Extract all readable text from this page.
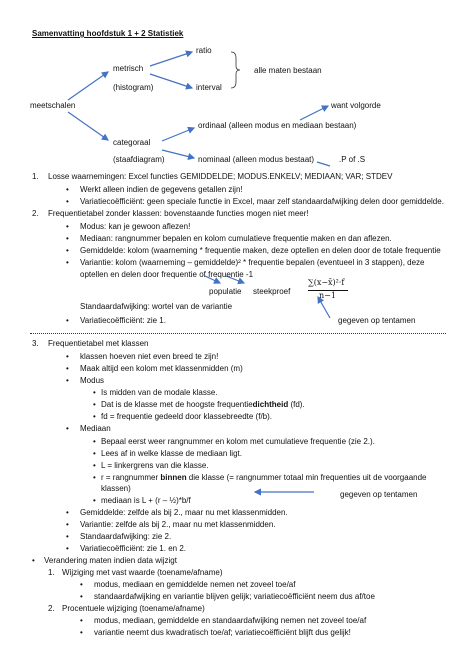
Samenvatting hoofdstuk 1 + 2 Statistiek
ratio
metrisch	alle maten bestaan
(histogram)	interval
want volgorde
meetschalen
ordinaal (alleen modus en mediaan bestaan)
categoraal
(staafdiagram)	nominaal (alleen modus bestaat)	.P of .S
1. Losse waarnemingen: Excel functies GEMIDDELDE; MODUS.ENKELV; MEDIAAN; VAR; STDEV
• Werkt alleen indien de gegevens getallen zijn!
• Variatiecoëfficiënt: geen speciale functie in Excel, maar zelf standaardafwijking delen door gemiddelde.
2. Frequentietabel zonder klassen: bovenstaande functies mogen niet meer!
• Modus: kan je gewoon aflezen!
• Mediaan: rangnummer bepalen en kolom cumulatieve frequentie maken en dan aflezen.
• Gemiddelde: kolom (waarneming * frequentie maken, deze optellen en delen door de totale frequentie
• Variantie: kolom (waarneming – gemiddelde)² * frequentie bepalen (eventueel in 3 stappen), deze
optellen en delen door frequentie of frequentie -1
populatie steekproef
∑(x−x̄)²·f
n−1
Standaardafwijking: wortel van de variantie
• Variatiecoëfficiënt: zie 1.	gegeven op tentamen
3. Frequentietabel met klassen
• klassen hoeven niet even breed te zijn!
• Maak altijd een kolom met klassenmidden (m)
• Modus
• Is midden van de modale klasse.
• Dat is de klasse met de hoogste frequentiedichtheid (fd).
• fd = frequentie gedeeld door klassebreedte (f/b).
• Mediaan
• Bepaal eerst weer rangnummer en kolom met cumulatieve frequentie (zie 2.).
• Lees af in welke klasse de mediaan ligt.
• L = linkergrens van die klasse.
• r = rangnummer binnen die klasse (= rangnummer totaal min frequenties uit de voorgaande
klassen)
• mediaan is L + (r – ½)*b/f
gegeven op tentamen
• Gemiddelde: zelfde als bij 2., maar nu met klassenmidden.
• Variantie: zelfde als bij 2., maar nu met klassenmidden.
• Standaardafwijking: zie 2.
• Variatiecoëfficiënt: zie 1. en 2.
• Verandering maten indien data wijzigt
1. Wijziging met vast waarde (toename/afname)
• modus, mediaan en gemiddelde nemen net zoveel toe/af
• standaardafwijking en variantie blijven gelijk; variatiecoëfficiënt neem dus af/toe
2. Procentuele wijziging (toename/afname)
• modus, mediaan, gemiddelde en standaardafwijking nemen net zoveel toe/af
• variantie neemt dus kwadratisch toe/af; variatiecoëfficiënt blijft dus gelijk!
